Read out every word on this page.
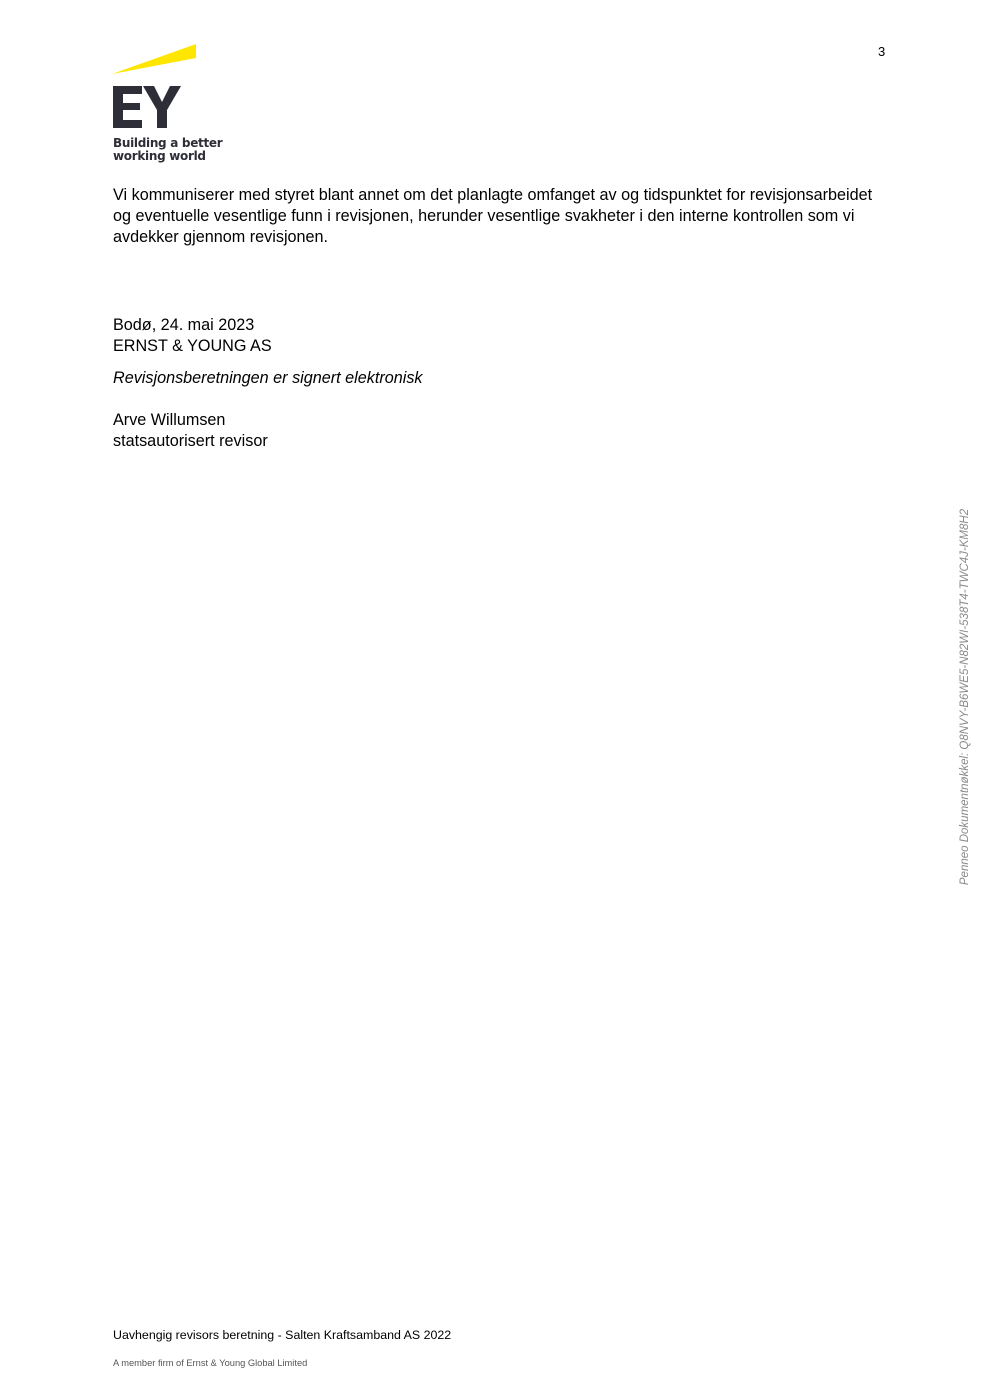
3
Building a better
working world

Vi kommuniserer med styret blant annet om det planlagte omfanget av og tidspunktet for revisjonsarbeidet og eventuelle vesentlige funn i revisjonen, herunder vesentlige svakheter i den interne kontrollen som vi avdekker gjennom revisjonen.

Bodø, 24. mai 2023
ERNST & YOUNG AS
Revisjonsberetningen er signert elektronisk
Arve Willumsen
statsautorisert revisor
Penneo Dokumentnøkkel: Q8NVY-B6WE5-N82WI-538T4-TWC4J-KM8H2
Uavhengig revisors beretning - Salten Kraftsamband AS 2022
A member firm of Ernst & Young Global Limited
